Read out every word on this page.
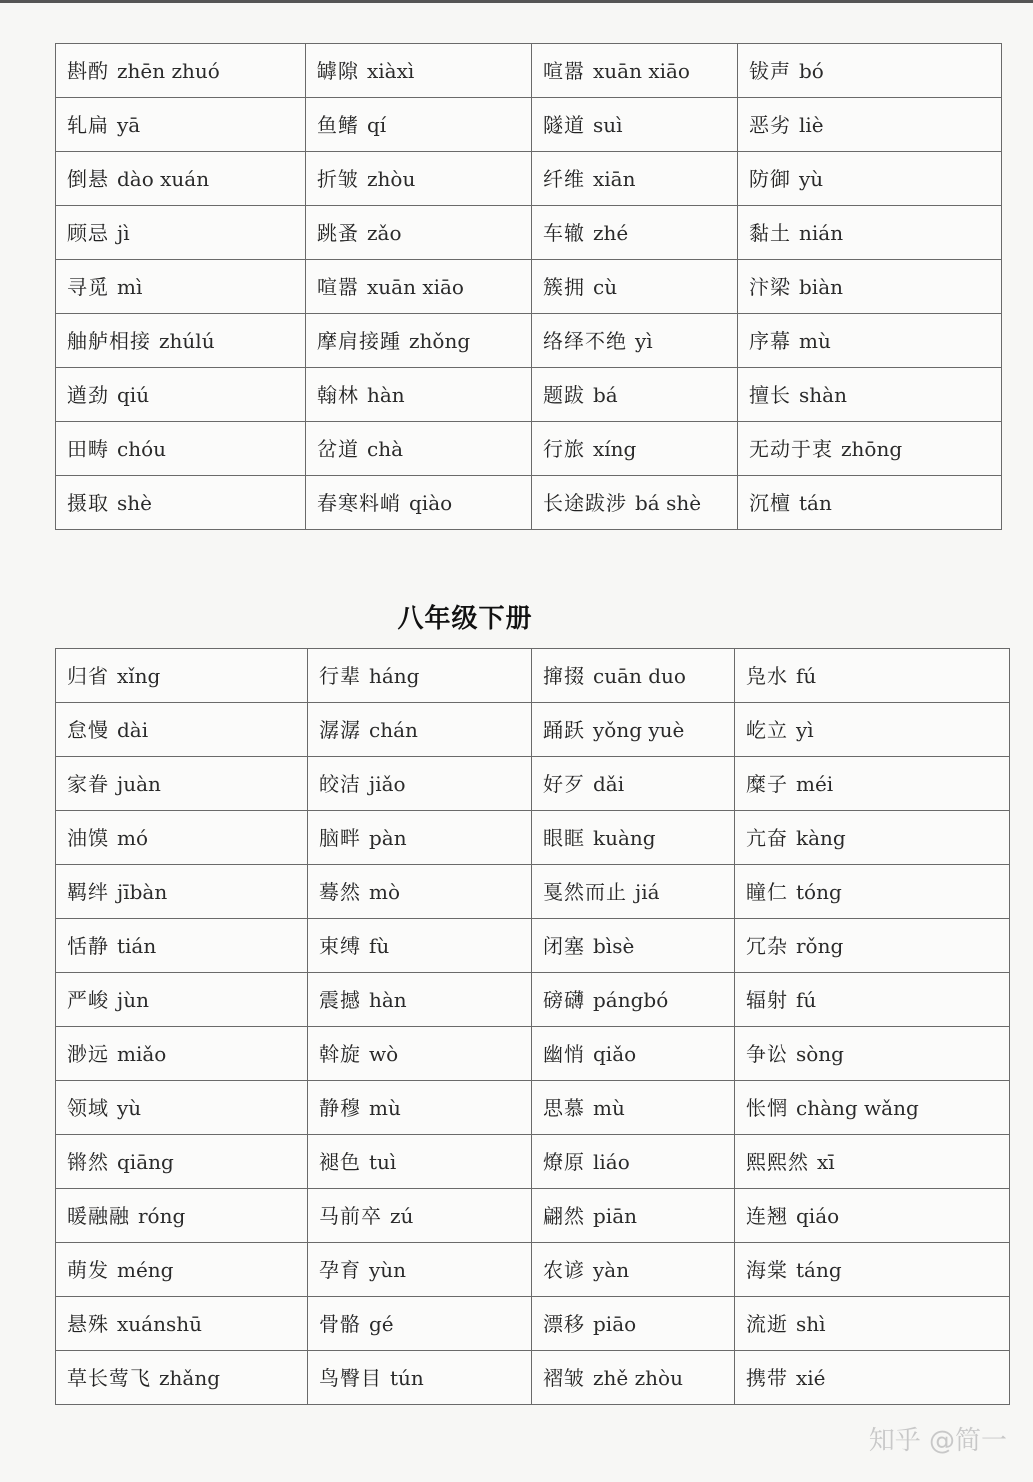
斟酌 zhēn zhuó	罅隙 xiàxì	喧嚣 xuān xiāo	钹声 bó
轧扁 yā	鱼鳍 qí	隧道 suì	恶劣 liè
倒悬 dào xuán	折皱 zhòu	纤维 xiān	防御 yù
顾忌 jì	跳蚤 zǎo	车辙 zhé	黏土 nián
寻觅 mì	喧嚣 xuān xiāo	簇拥 cù	汴梁 biàn
舳舻相接 zhúlú	摩肩接踵 zhǒng	络绎不绝 yì	序幕 mù
遒劲 qiú	翰林 hàn	题跋 bá	擅长 shàn
田畴 chóu	岔道 chà	行旅 xíng	无动于衷 zhōng
摄取 shè	春寒料峭 qiào	长途跋涉 bá shè	沉檀 tán
八年级下册
归省 xǐng	行辈 háng	撺掇 cuān duo	凫水 fú
怠慢 dài	潺潺 chán	踊跃 yǒng yuè	屹立 yì
家眷 juàn	皎洁 jiǎo	好歹 dǎi	糜子 méi
油馍 mó	脑畔 pàn	眼眶 kuàng	亢奋 kàng
羁绊 jībàn	蓦然 mò	戛然而止 jiá	瞳仁 tóng
恬静 tián	束缚 fù	闭塞 bìsè	冗杂 rǒng
严峻 jùn	震撼 hàn	磅礴 pángbó	辐射 fú
渺远 miǎo	斡旋 wò	幽悄 qiǎo	争讼 sòng
领域 yù	静穆 mù	思慕 mù	怅惘 chàng wǎng
锵然 qiāng	褪色 tuì	燎原 liáo	熙熙然 xī
暖融融 róng	马前卒 zú	翩然 piān	连翘 qiáo
萌发 méng	孕育 yùn	农谚 yàn	海棠 táng
悬殊 xuánshū	骨骼 gé	漂移 piāo	流逝 shì
草长莺飞 zhǎng	鸟臀目 tún	褶皱 zhě zhòu	携带 xié
知乎 @简一
